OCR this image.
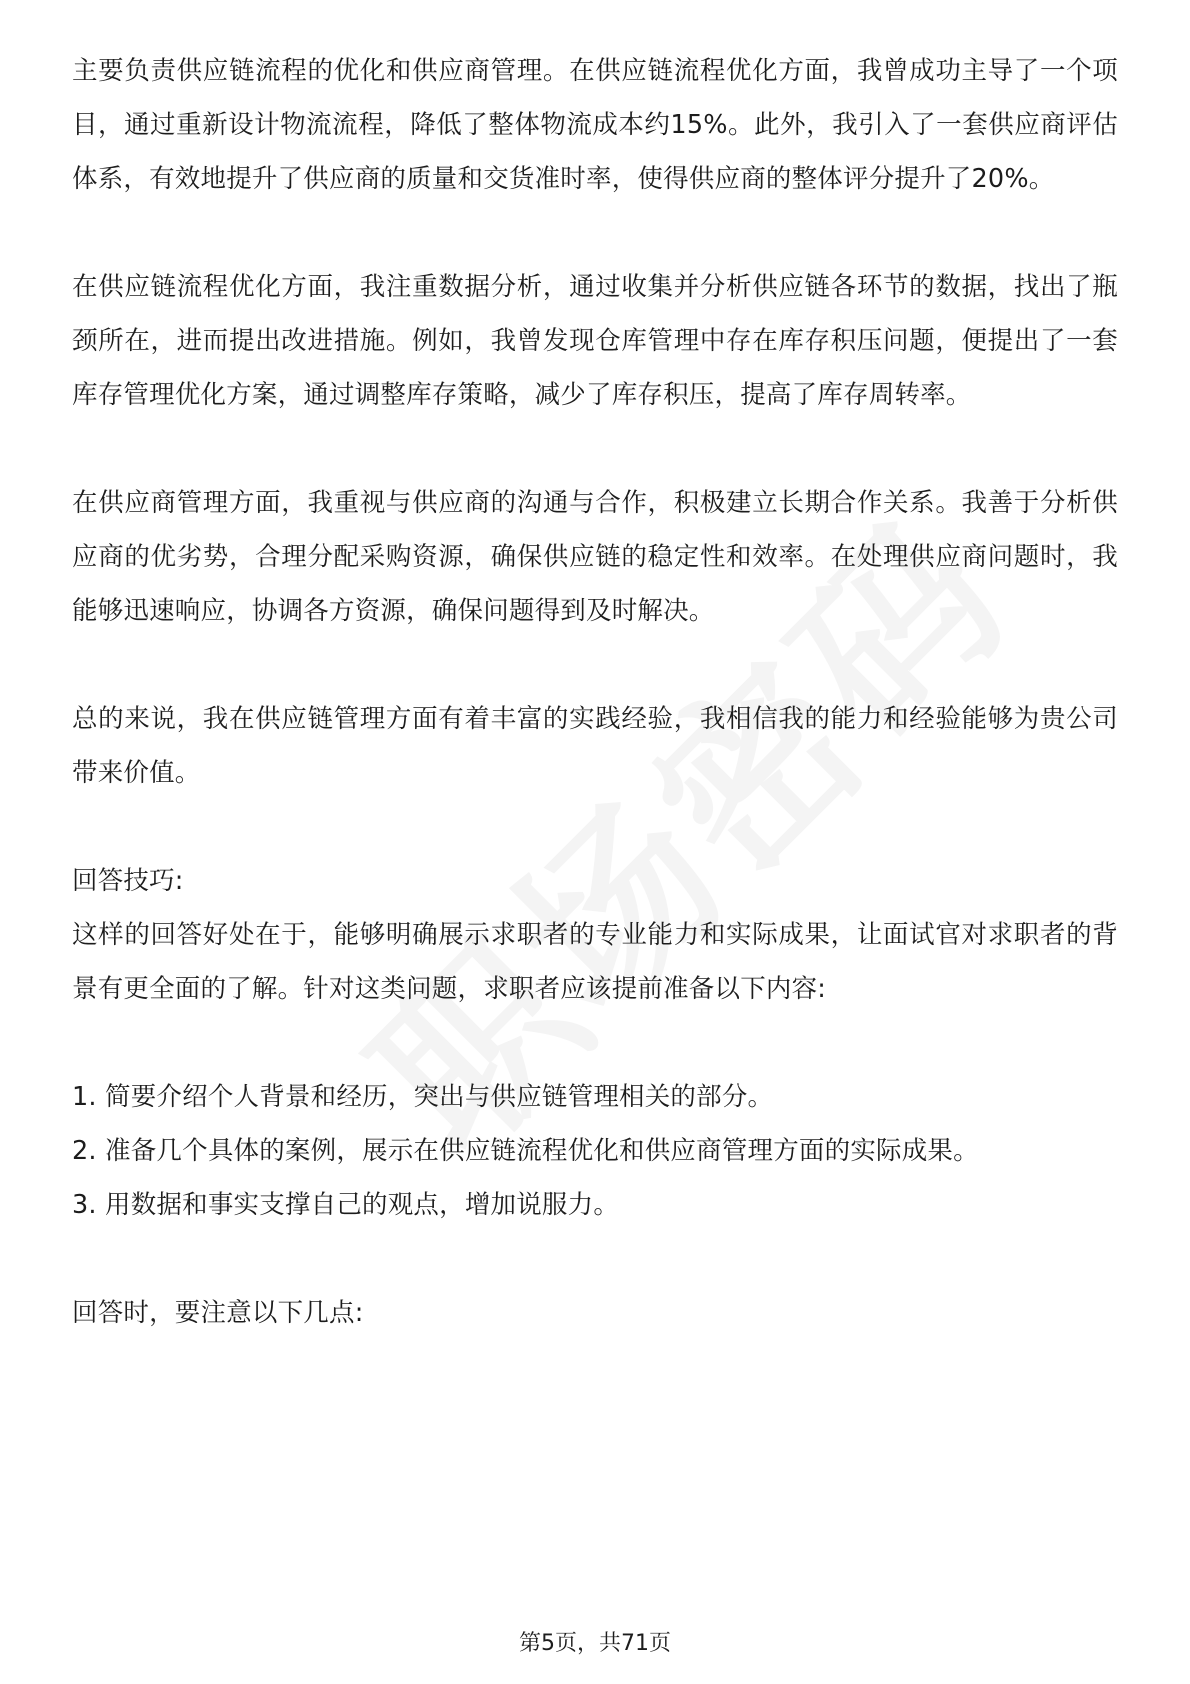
主要负责供应链流程的优化和供应商管理。在供应链流程优化方面，我曾成功主导了一个项目，通过重新设计物流流程，降低了整体物流成本约15%。此外，我引入了一套供应商评估体系，有效地提升了供应商的质量和交货准时率，使得供应商的整体评分提升了20%。

在供应链流程优化方面，我注重数据分析，通过收集并分析供应链各环节的数据，找出了瓶颈所在，进而提出改进措施。例如，我曾发现仓库管理中存在库存积压问题，便提出了一套库存管理优化方案，通过调整库存策略，减少了库存积压，提高了库存周转率。

在供应商管理方面，我重视与供应商的沟通与合作，积极建立长期合作关系。我善于分析供应商的优劣势，合理分配采购资源，确保供应链的稳定性和效率。在处理供应商问题时，我能够迅速响应，协调各方资源，确保问题得到及时解决。

总的来说，我在供应链管理方面有着丰富的实践经验，我相信我的能力和经验能够为贵公司带来价值。

回答技巧:

这样的回答好处在于，能够明确展示求职者的专业能力和实际成果，让面试官对求职者的背景有更全面的了解。针对这类问题，求职者应该提前准备以下内容:

1. 简要介绍个人背景和经历，突出与供应链管理相关的部分。
2. 准备几个具体的案例，展示在供应链流程优化和供应商管理方面的实际成果。
3. 用数据和事实支撑自己的观点，增加说服力。

回答时，要注意以下几点:

第5页，共71页
